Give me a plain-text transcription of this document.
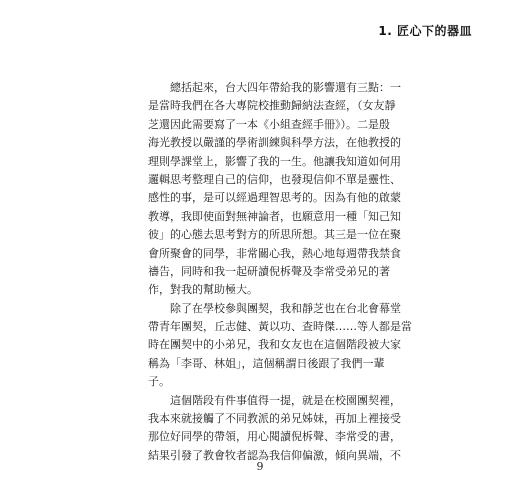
1. 匠心下的器皿

總括起來，台大四年帶給我的影響還有三點：一
是當時我們在各大專院校推動歸納法查經，（女友靜
芝還因此需要寫了一本《小組查經手冊》）。二是殷
海光教授以嚴謹的學術訓練與科學方法，在他教授的
理則學課堂上，影響了我的一生。他讓我知道如何用
邏輯思考整理自己的信仰，也發現信仰不單是靈性、
感性的事，是可以經過理智思考的。因為有他的啟蒙
教導，我即使面對無神論者，也願意用一種「知己知
彼」的心態去思考對方的所思所想。其三是一位在聚
會所聚會的同學，非常關心我，熱心地每週帶我禁食
禱告，同時和我一起研讀倪柝聲及李常受弟兄的著
作，對我的幫助極大。

除了在學校參與團契，我和靜芝也在台北會幕堂
帶青年團契，丘志健、黃以功、查時傑……等人都是當
時在團契中的小弟兄，我和女友也在這個階段被大家
稱為「李哥、林姐」，這個稱謂日後跟了我們一輩
子。

這個階段有件事值得一提，就是在校園團契裡，
我本來就接觸了不同教派的弟兄姊妹，再加上裡接受
那位好同學的帶領，用心閱讀倪柝聲、李常受的書，
結果引發了教會牧者認為我信仰偏激，傾向異端，不

9
